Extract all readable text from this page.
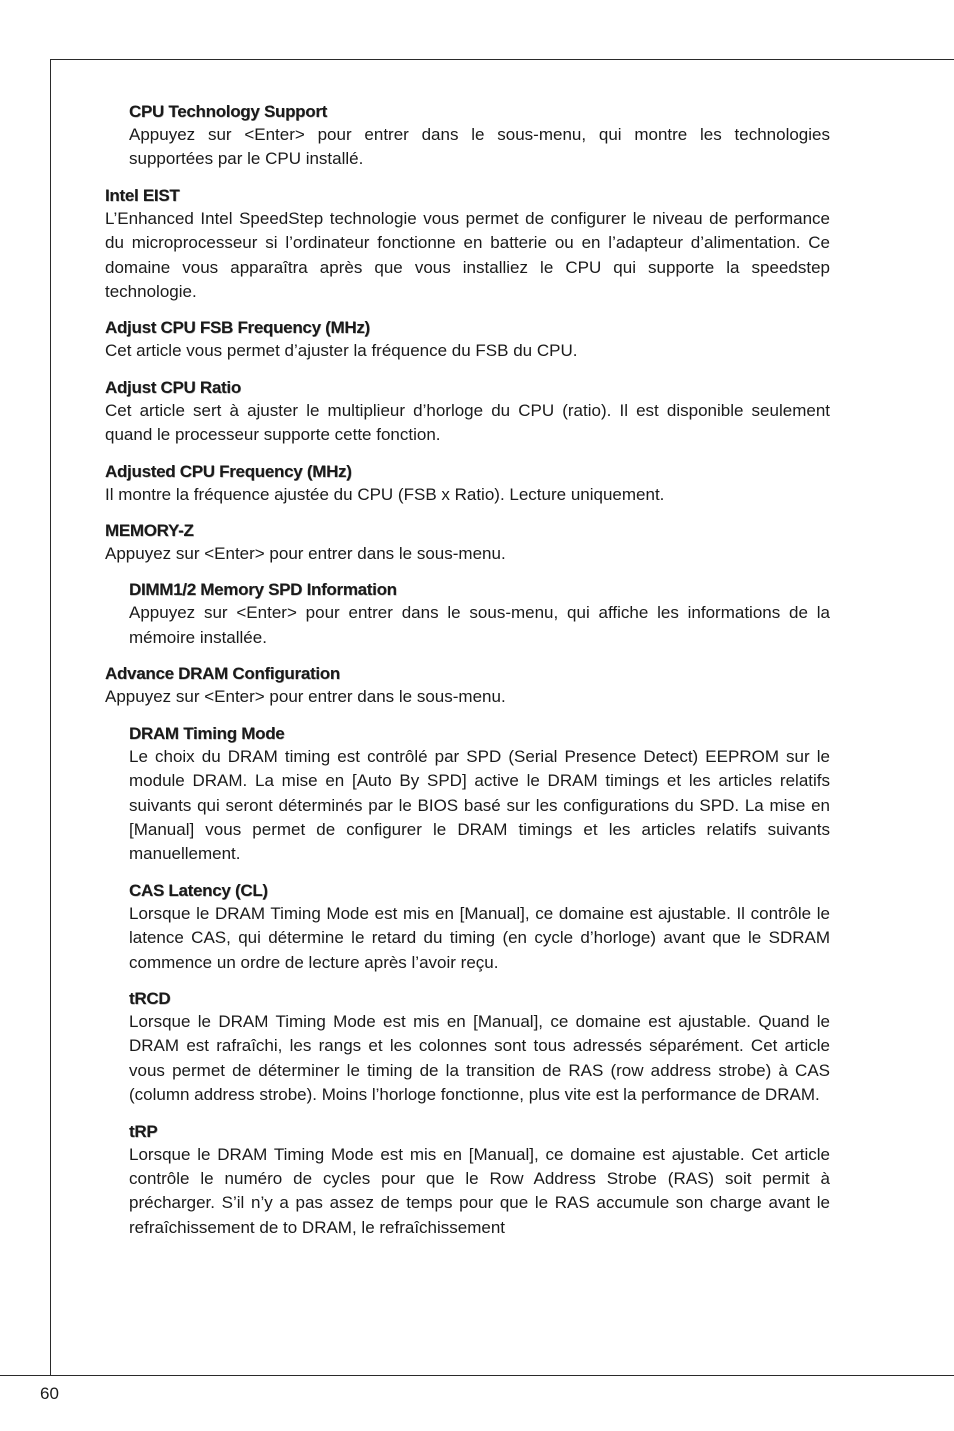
CPU Technology Support
Appuyez sur <Enter> pour entrer dans le sous-menu, qui montre les technologies supportées par le CPU installé.
Intel EIST
L’Enhanced Intel SpeedStep technologie vous permet de configurer le niveau de performance du microprocesseur si l’ordinateur fonctionne en batterie ou en l’adapteur d’alimentation. Ce domaine vous apparaîtra après que vous installiez le CPU qui supporte la speedstep technologie.
Adjust CPU FSB Frequency (MHz)
Cet article vous permet d’ajuster la fréquence du FSB du CPU.
Adjust CPU Ratio
Cet article sert à ajuster le multiplieur d’horloge du CPU (ratio). Il est disponible seulement quand le processeur supporte cette fonction.
Adjusted CPU Frequency (MHz)
Il montre la fréquence ajustée du CPU (FSB x Ratio). Lecture uniquement.
MEMORY-Z
Appuyez sur <Enter> pour entrer dans le sous-menu.
DIMM1/2 Memory SPD Information
Appuyez sur <Enter> pour entrer dans le sous-menu, qui affiche les informations de la mémoire installée.
Advance DRAM Configuration
Appuyez sur <Enter> pour entrer dans le sous-menu.
DRAM Timing Mode
Le choix du DRAM timing est contrôlé par SPD (Serial Presence Detect) EEPROM sur le module DRAM. La mise en [Auto By SPD] active le DRAM timings et les articles relatifs suivants qui seront déterminés par le BIOS basé sur les configurations du SPD. La mise en [Manual] vous permet de configurer le DRAM timings et les articles relatifs suivants manuellement.
CAS Latency (CL)
Lorsque le DRAM Timing Mode est mis en [Manual], ce domaine est ajustable. Il contrôle le latence CAS, qui détermine le retard du timing (en cycle d’horloge) avant que le SDRAM commence un ordre de lecture après l’avoir reçu.
tRCD
Lorsque le DRAM Timing Mode est mis en [Manual], ce domaine est ajustable. Quand le DRAM est rafraîchi, les rangs et les colonnes sont tous adressés séparément. Cet article vous permet de déterminer le timing de la transition de RAS (row address strobe) à CAS (column address strobe). Moins l’horloge fonctionne, plus vite est la performance de DRAM.
tRP
Lorsque le DRAM Timing Mode est mis en [Manual], ce domaine est ajustable. Cet article contrôle le numéro de cycles pour que le Row Address Strobe (RAS) soit permit à précharger. S’il n’y a pas assez de temps pour que le RAS accumule son charge avant le refraîchissement de to DRAM, le refraîchissement
60
